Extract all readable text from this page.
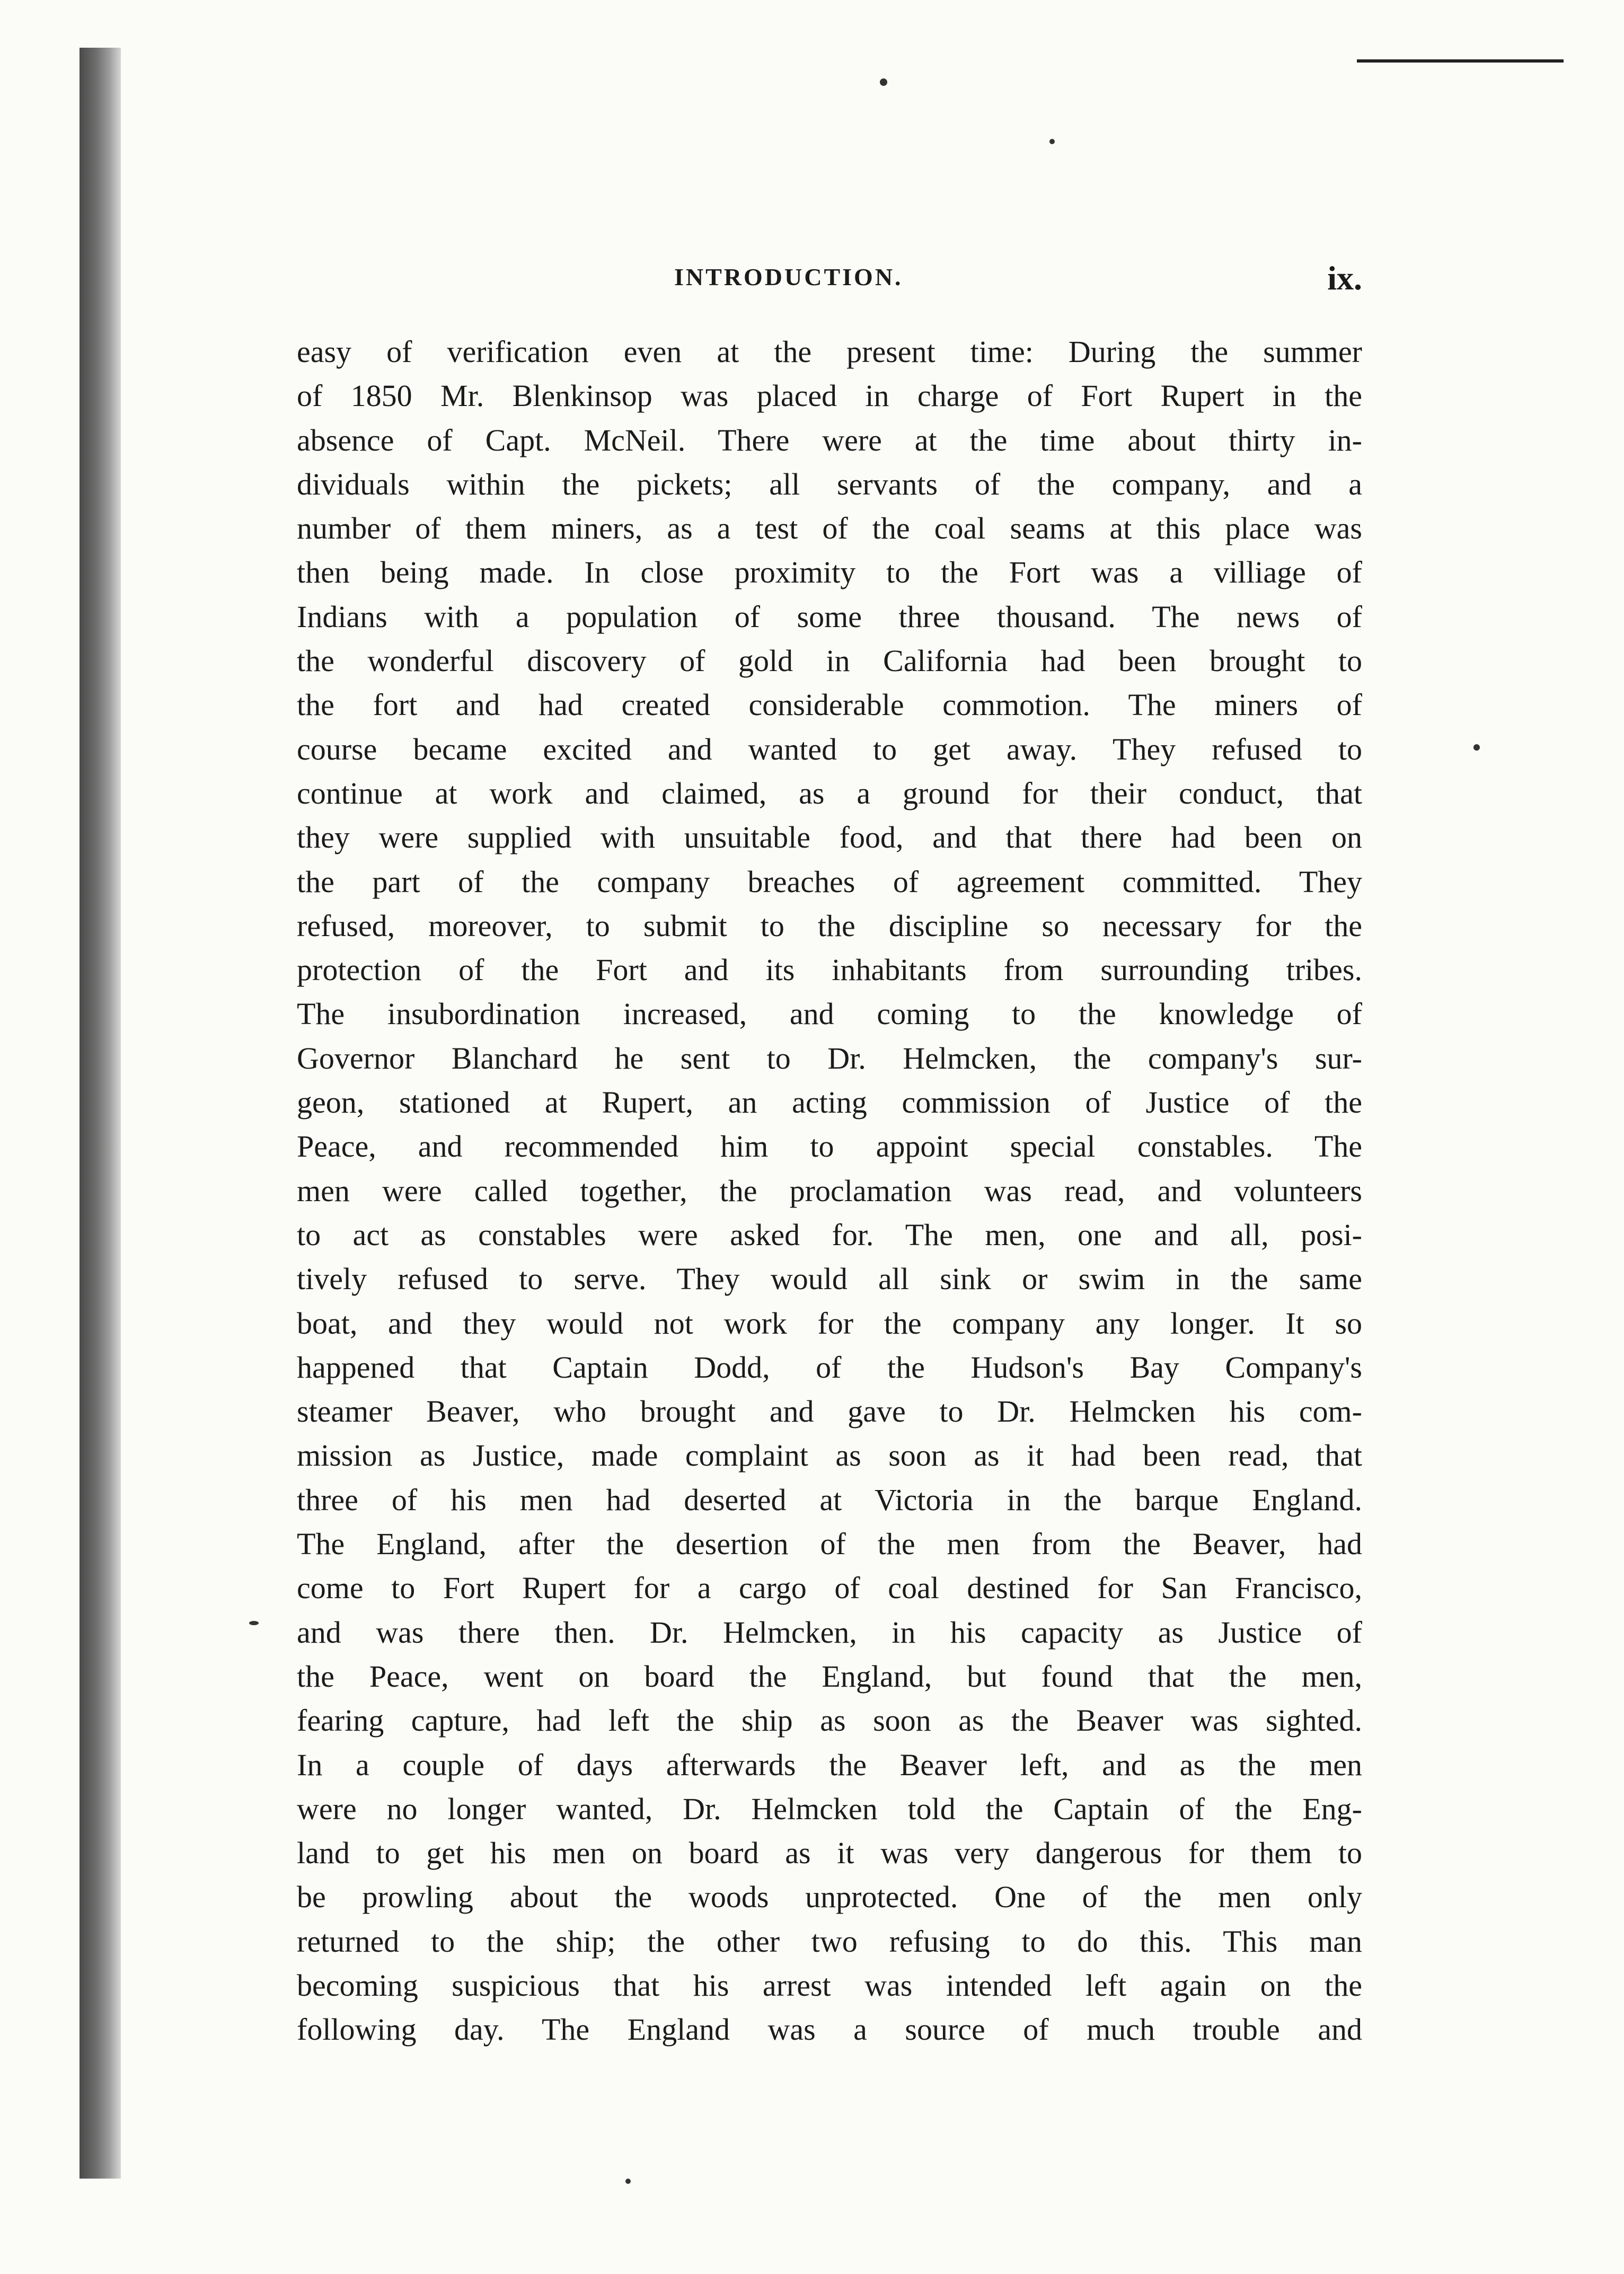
INTRODUCTION.	ix.
easy of verification even at the present time: During the summer
of 1850 Mr. Blenkinsop was placed in charge of Fort Rupert in the
absence of Capt. McNeil. There were at the time about thirty in-
dividuals within the pickets; all servants of the company, and a
number of them miners, as a test of the coal seams at this place was
then being made. In close proximity to the Fort was a villiage of
Indians with a population of some three thousand. The news of
the wonderful discovery of gold in California had been brought to
the fort and had created considerable commotion. The miners of
course became excited and wanted to get away. They refused to
continue at work and claimed, as a ground for their conduct, that
they were supplied with unsuitable food, and that there had been on
the part of the company breaches of agreement committed. They
refused, moreover, to submit to the discipline so necessary for the
protection of the Fort and its inhabitants from surrounding tribes.
The insubordination increased, and coming to the knowledge of
Governor Blanchard he sent to Dr. Helmcken, the company's sur-
geon, stationed at Rupert, an acting commission of Justice of the
Peace, and recommended him to appoint special constables. The
men were called together, the proclamation was read, and volunteers
to act as constables were asked for. The men, one and all, posi-
tively refused to serve. They would all sink or swim in the same
boat, and they would not work for the company any longer. It so
happened that Captain Dodd, of the Hudson's Bay Company's
steamer Beaver, who brought and gave to Dr. Helmcken his com-
mission as Justice, made complaint as soon as it had been read, that
three of his men had deserted at Victoria in the barque England.
The England, after the desertion of the men from the Beaver, had
come to Fort Rupert for a cargo of coal destined for San Francisco,
and was there then. Dr. Helmcken, in his capacity as Justice of
the Peace, went on board the England, but found that the men,
fearing capture, had left the ship as soon as the Beaver was sighted.
In a couple of days afterwards the Beaver left, and as the men
were no longer wanted, Dr. Helmcken told the Captain of the Eng-
land to get his men on board as it was very dangerous for them to
be prowling about the woods unprotected. One of the men only
returned to the ship; the other two refusing to do this. This man
becoming suspicious that his arrest was intended left again on the
following day. The England was a source of much trouble and
